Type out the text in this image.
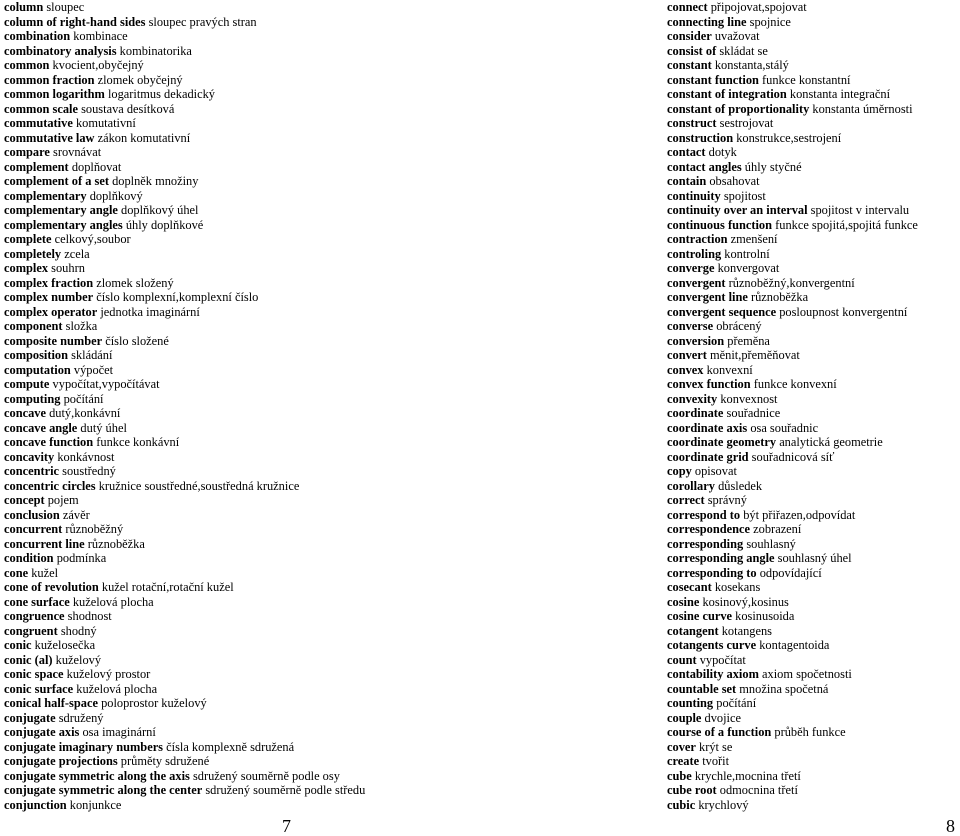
column sloupec
column of right-hand sides sloupec pravých stran
combination kombinace
combinatory analysis kombinatorika
common kvocient,obyčejný
common fraction zlomek obyčejný
common logarithm logaritmus dekadický
common scale soustava desítková
commutative komutativní
commutative law zákon komutativní
compare srovnávat
complement doplňovat
complement of a set doplněk množiny
complementary doplňkový
complementary angle doplňkový úhel
complementary angles úhly doplňkové
complete celkový,soubor
completely zcela
complex souhrn
complex fraction zlomek složený
complex number číslo komplexní,komplexní číslo
complex operator jednotka imaginární
component složka
composite number číslo složené
composition skládání
computation výpočet
compute vypočítat,vypočítávat
computing počítání
concave dutý,konkávní
concave angle dutý úhel
concave function funkce konkávní
concavity konkávnost
concentric soustředný
concentric circles kružnice soustředné,soustředná kružnice
concept pojem
conclusion závěr
concurrent různoběžný
concurrent line různoběžka
condition podmínka
cone kužel
cone of revolution kužel rotační,rotační kužel
cone surface kuželová plocha
congruence shodnost
congruent shodný
conic kuželosečka
conic (al) kuželový
conic space kuželový prostor
conic surface kuželová plocha
conical half-space poloprostor kuželový
conjugate sdružený
conjugate axis osa imaginární
conjugate imaginary numbers čísla komplexně sdružená
conjugate projections průměty sdružené
conjugate symmetric along the axis sdružený souměrně podle osy
conjugate symmetric along the center sdružený souměrně podle středu
conjunction konjunkce
connect připojovat,spojovat
connecting line spojnice
consider uvažovat
consist of skládat se
constant konstanta,stálý
constant function funkce konstantní
constant of integration konstanta integrační
constant of proportionality konstanta úměrnosti
construct sestrojovat
construction konstrukce,sestrojení
contact dotyk
contact angles úhly styčné
contain obsahovat
continuity spojitost
continuity over an interval spojitost v intervalu
continuous function funkce spojitá,spojitá funkce
contraction zmenšení
controling kontrolní
converge konvergovat
convergent různoběžný,konvergentní
convergent line různoběžka
convergent sequence posloupnost konvergentní
converse obrácený
conversion přeměna
convert měnit,přeměňovat
convex konvexní
convex function funkce konvexní
convexity konvexnost
coordinate souřadnice
coordinate axis osa souřadnic
coordinate geometry analytická geometrie
coordinate grid souřadnicová síť
copy opisovat
corollary důsledek
correct správný
correspond to být přiřazen,odpovídat
correspondence zobrazení
corresponding souhlasný
corresponding angle souhlasný úhel
corresponding to odpovídající
cosecant kosekans
cosine kosinový,kosinus
cosine curve kosinusoida
cotangent kotangens
cotangents curve kontagentoida
count vypočítat
contability axiom axiom spočetnosti
countable set množina spočetná
counting počítání
couple dvojice
course of a function průběh funkce
cover krýt se
create tvořit
cube krychle,mocnina třetí
cube root odmocnina třetí
cubic krychlový
7	8
